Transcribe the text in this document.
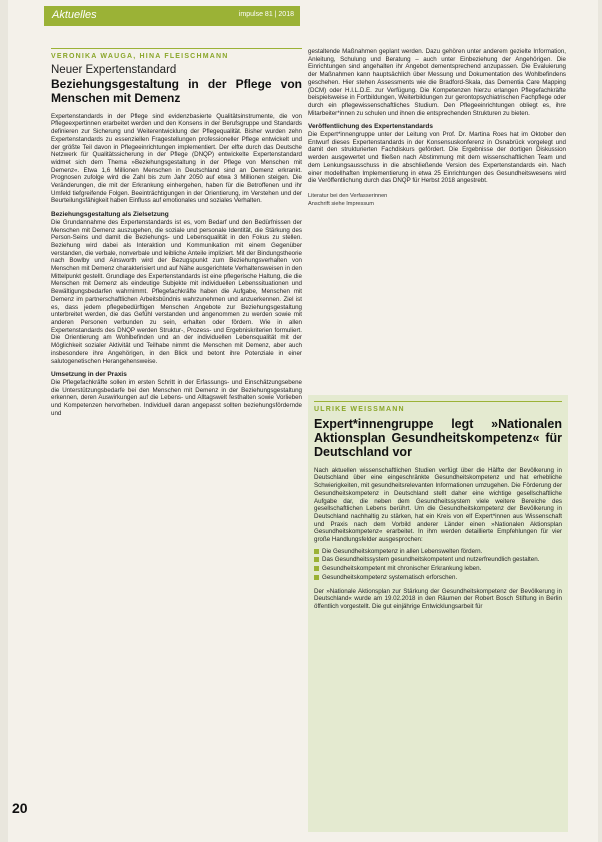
Aktuelles	impulse 81 | 2018
VERONIKA WAUGA, HINA FLEISCHMANN
Neuer Expertenstandard
Beziehungsgestaltung in der Pflege von Menschen mit Demenz

Expertenstandards in der Pflege sind evidenzbasierte Qualitätsinstrumente, die von Pflegeexpertinnen erarbeitet werden und den Konsens in der Berufsgruppe und Standards definieren zur Sicherung und Weiterentwicklung der Pflegequalität. Bisher wurden zehn Expertenstandards zu essenziellen Fragestellungen professioneller Pflege entwickelt und der größte Teil davon in Pflegeeinrichtungen implementiert. Der elfte durch das Deutsche Netzwerk für Qualitätssicherung in der Pflege (DNQP) entwickelte Expertenstandard widmet sich dem Thema »Beziehungsgestaltung in der Pflege von Menschen mit Demenz«. Etwa 1,6 Millionen Menschen in Deutschland sind an Demenz erkrankt. Prognosen zufolge wird die Zahl bis zum Jahr 2050 auf etwa 3 Millionen steigen. Die Veränderungen, die mit der Erkrankung einhergehen, haben für die Betroffenen und ihr Umfeld tiefgreifende Folgen. Beeinträchtigungen in der Orientierung, im Verstehen und der Beurteilungsfähigkeit haben Einfluss auf emotionales und soziales Verhalten.

Beziehungsgestaltung als Zielsetzung

Die Grundannahme des Expertenstandards ist es, vom Bedarf und den Bedürfnissen der Menschen mit Demenz auszugehen, die soziale und personale Identität, die Stärkung des Person-Seins und damit die Beziehungs- und Lebensqualität in den Fokus zu stellen. Beziehung wird dabei als Interaktion und Kommunikation mit einem Gegenüber verstanden, die verbale, nonverbale und leibliche Anteile impliziert. Mit der Bindungstheorie nach Bowlby und Ainsworth wird der Bezugspunkt zum Beziehungsverhalten von Menschen mit Demenz charakterisiert und auf Nähe ausgerichtete Verhaltensweisen in den Mittelpunkt gestellt. Grundlage des Expertenstandards ist eine pflegerische Haltung, die die Menschen mit Demenz als eindeutige Subjekte mit individuellen Lebenssituationen und Bewältigungsbedarfen wahrnimmt. Pflegefachkräfte haben die Aufgabe, Menschen mit Demenz im partnerschaftlichen Arbeitsbündnis wahrzunehmen und anzuerkennen. Ziel ist es, dass jedem pflegebedürftigen Menschen Angebote zur Beziehungsgestaltung unterbreitet werden, die das Gefühl verstanden und angenommen zu werden sowie mit anderen Personen verbunden zu sein, erhalten oder fördern. Wie in allen Expertenstandards des DNQP werden Struktur-, Prozess- und Ergebniskriterien formuliert. Die Orientierung am Wohlbefinden und an der individuellen Lebensqualität mit der Möglichkeit sozialer Aktivität und Teilhabe nimmt die Menschen mit Demenz, aber auch insbesondere ihre Angehörigen, in den Blick und betont ihre Potenziale in einer salutogenetischen Herangehensweise.

Umsetzung in der Praxis

Die Pflegefachkräfte sollen im ersten Schritt in der Erfassungs- und Einschätzungsebene die Unterstützungsbedarfe bei den Menschen mit Demenz in der Beziehungsgestaltung erkennen, deren Auswirkungen auf die Lebens- und Alltagswelt festhalten sowie Vorlieben und Kompetenzen hervorheben. Individuell daran angepasst sollten beziehungsfördernde und

gestaltende Maßnahmen geplant werden. Dazu gehören unter anderem gezielte Information, Anleitung, Schulung und Beratung – auch unter Einbeziehung der Angehörigen. Die Einrichtungen sind angehalten ihr Angebot dementsprechend anzupassen. Die Evaluierung der Maßnahmen kann hauptsächlich über Messung und Dokumentation des Wohlbefindens geschehen. Hier stehen Assessments wie die Bradford-Skala, das Dementia Care Mapping (DCM) oder H.I.L.D.E. zur Verfügung. Die Kompetenzen hierzu erlangen Pflegefachkräfte beispielsweise in Fortbildungen, Weiterbildungen zur gerontopsychiatrischen Fachpflege oder durch ein pflegewissenschaftliches Studium. Den Pflegeeinrichtungen obliegt es, ihre Mitarbeiter*innen zu schulen und ihnen die entsprechenden Strukturen zu bieten.

Veröffentlichung des Expertenstandards

Die Expert*innengruppe unter der Leitung von Prof. Dr. Martina Roes hat im Oktober den Entwurf dieses Expertenstandards in der Konsensuskonferenz in Osnabrück vorgelegt und damit den strukturierten Fachdiskurs gefördert. Die Ergebnisse der dortigen Diskussion werden ausgewertet und fließen nach Abstimmung mit dem wissenschaftlichen Team und dem Lenkungsausschuss in die abschließende Version des Expertenstandards ein. Nach einer modellhaften Implementierung in etwa 25 Einrichtungen des Gesundheitswesens wird die Veröffentlichung durch das DNQP für Herbst 2018 angestrebt.

Literatur bei den Verfasserinnen
Anschrift siehe Impressum
ULRIKE WEISSMANN
Expert*innengruppe legt »Nationalen Aktionsplan Gesundheitskompetenz« für Deutschland vor

Nach aktuellen wissenschaftlichen Studien verfügt über die Hälfte der Bevölkerung in Deutschland über eine eingeschränkte Gesundheitskompetenz und hat erhebliche Schwierigkeiten, mit gesundheitsrelevanten Informationen umzugehen. Die Förderung der Gesundheitskompetenz in Deutschland stellt daher eine wichtige gesellschaftliche Aufgabe dar, die neben dem Gesundheitssystem viele weitere Bereiche des gesellschaftlichen Lebens berührt. Um die Gesundheitskompetenz der Bevölkerung in Deutschland nachhaltig zu stärken, hat ein Kreis von elf Expert*innen aus Wissenschaft und Praxis nach dem Vorbild anderer Länder einen »Nationalen Aktionsplan Gesundheitskompetenz« erarbeitet. In ihm werden detaillierte Empfehlungen für vier große Handlungsfelder ausgesprochen:

Die Gesundheitskompetenz in allen Lebenswelten fördern.
Das Gesundheitssystem gesundheitskompetent und nutzerfreundlich gestalten.
Gesundheitskompetent mit chronischer Erkrankung leben.
Gesundheitskompetenz systematisch erforschen.

Der »Nationale Aktionsplan zur Stärkung der Gesundheitskompetenz der Bevölkerung in Deutschland« wurde am 19.02.2018 in den Räumen der Robert Bosch Stiftung in Berlin öffentlich vorgestellt. Die gut einjährige Entwicklungsarbeit für

20
